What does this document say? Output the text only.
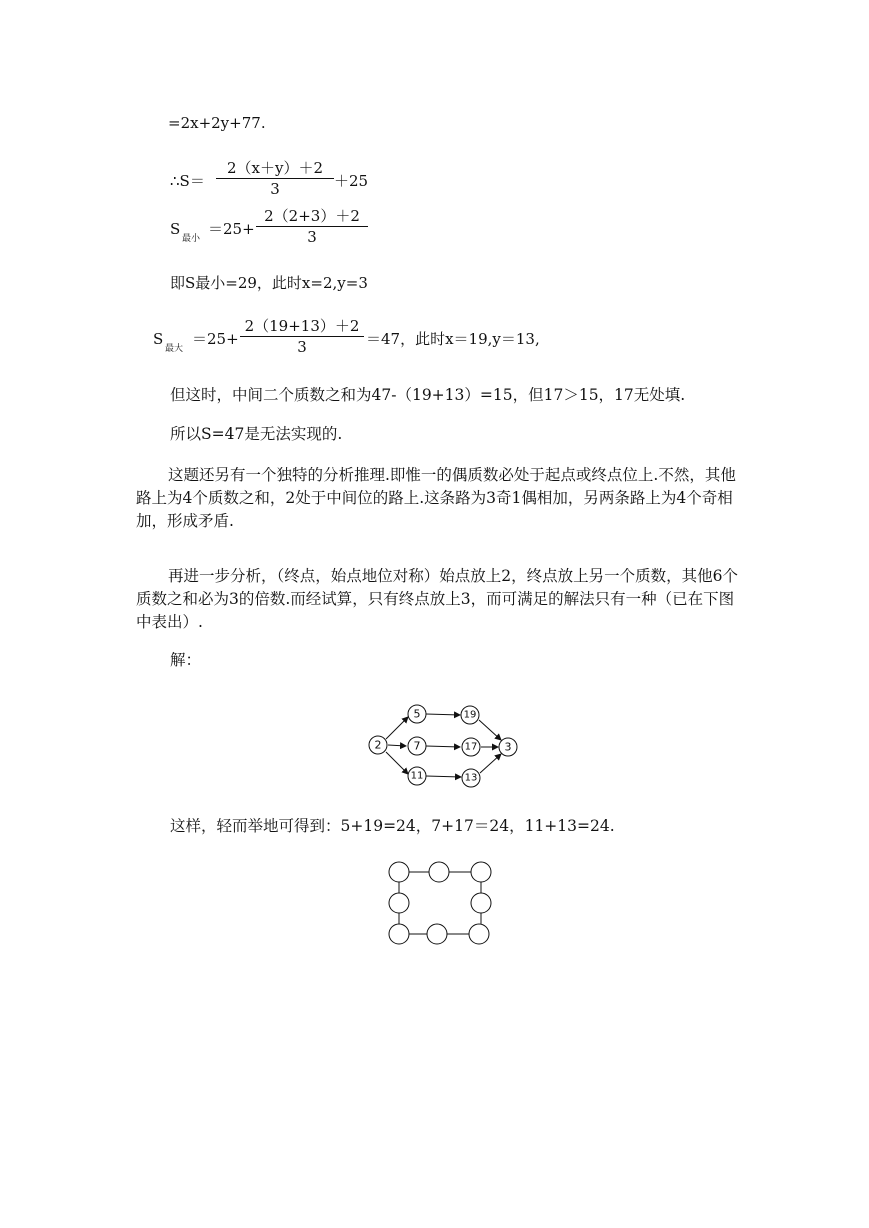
=2x+2y+77.
∴S＝
2（x＋y）＋2
3	＋25
S
最小
＝25+
2（2+3）＋2
3
即S最小=29，此时x=2,y=3
S
最大
＝25+
2（19+13）＋2
3	＝47，此时x＝19,y＝13,
但这时，中间二个质数之和为47-（19+13）=15，但17＞15，17无处填.
所以S=47是无法实现的.
这题还另有一个独特的分析推理.即惟一的偶质数必处于起点或终点位上.不然，其他路上为4个质数之和，2处于中间位的路上.这条路为3奇1偶相加，另两条路上为4个奇相加，形成矛盾.
再进一步分析，（终点，始点地位对称）始点放上2，终点放上另一个质数，其他6个质数之和必为3的倍数.而经试算，只有终点放上3，而可满足的解法只有一种（已在下图中表出）.
解：
2
5
7
11
19
17
13
3
这样，轻而举地可得到：5+19=24，7+17＝24，11+13=24.
